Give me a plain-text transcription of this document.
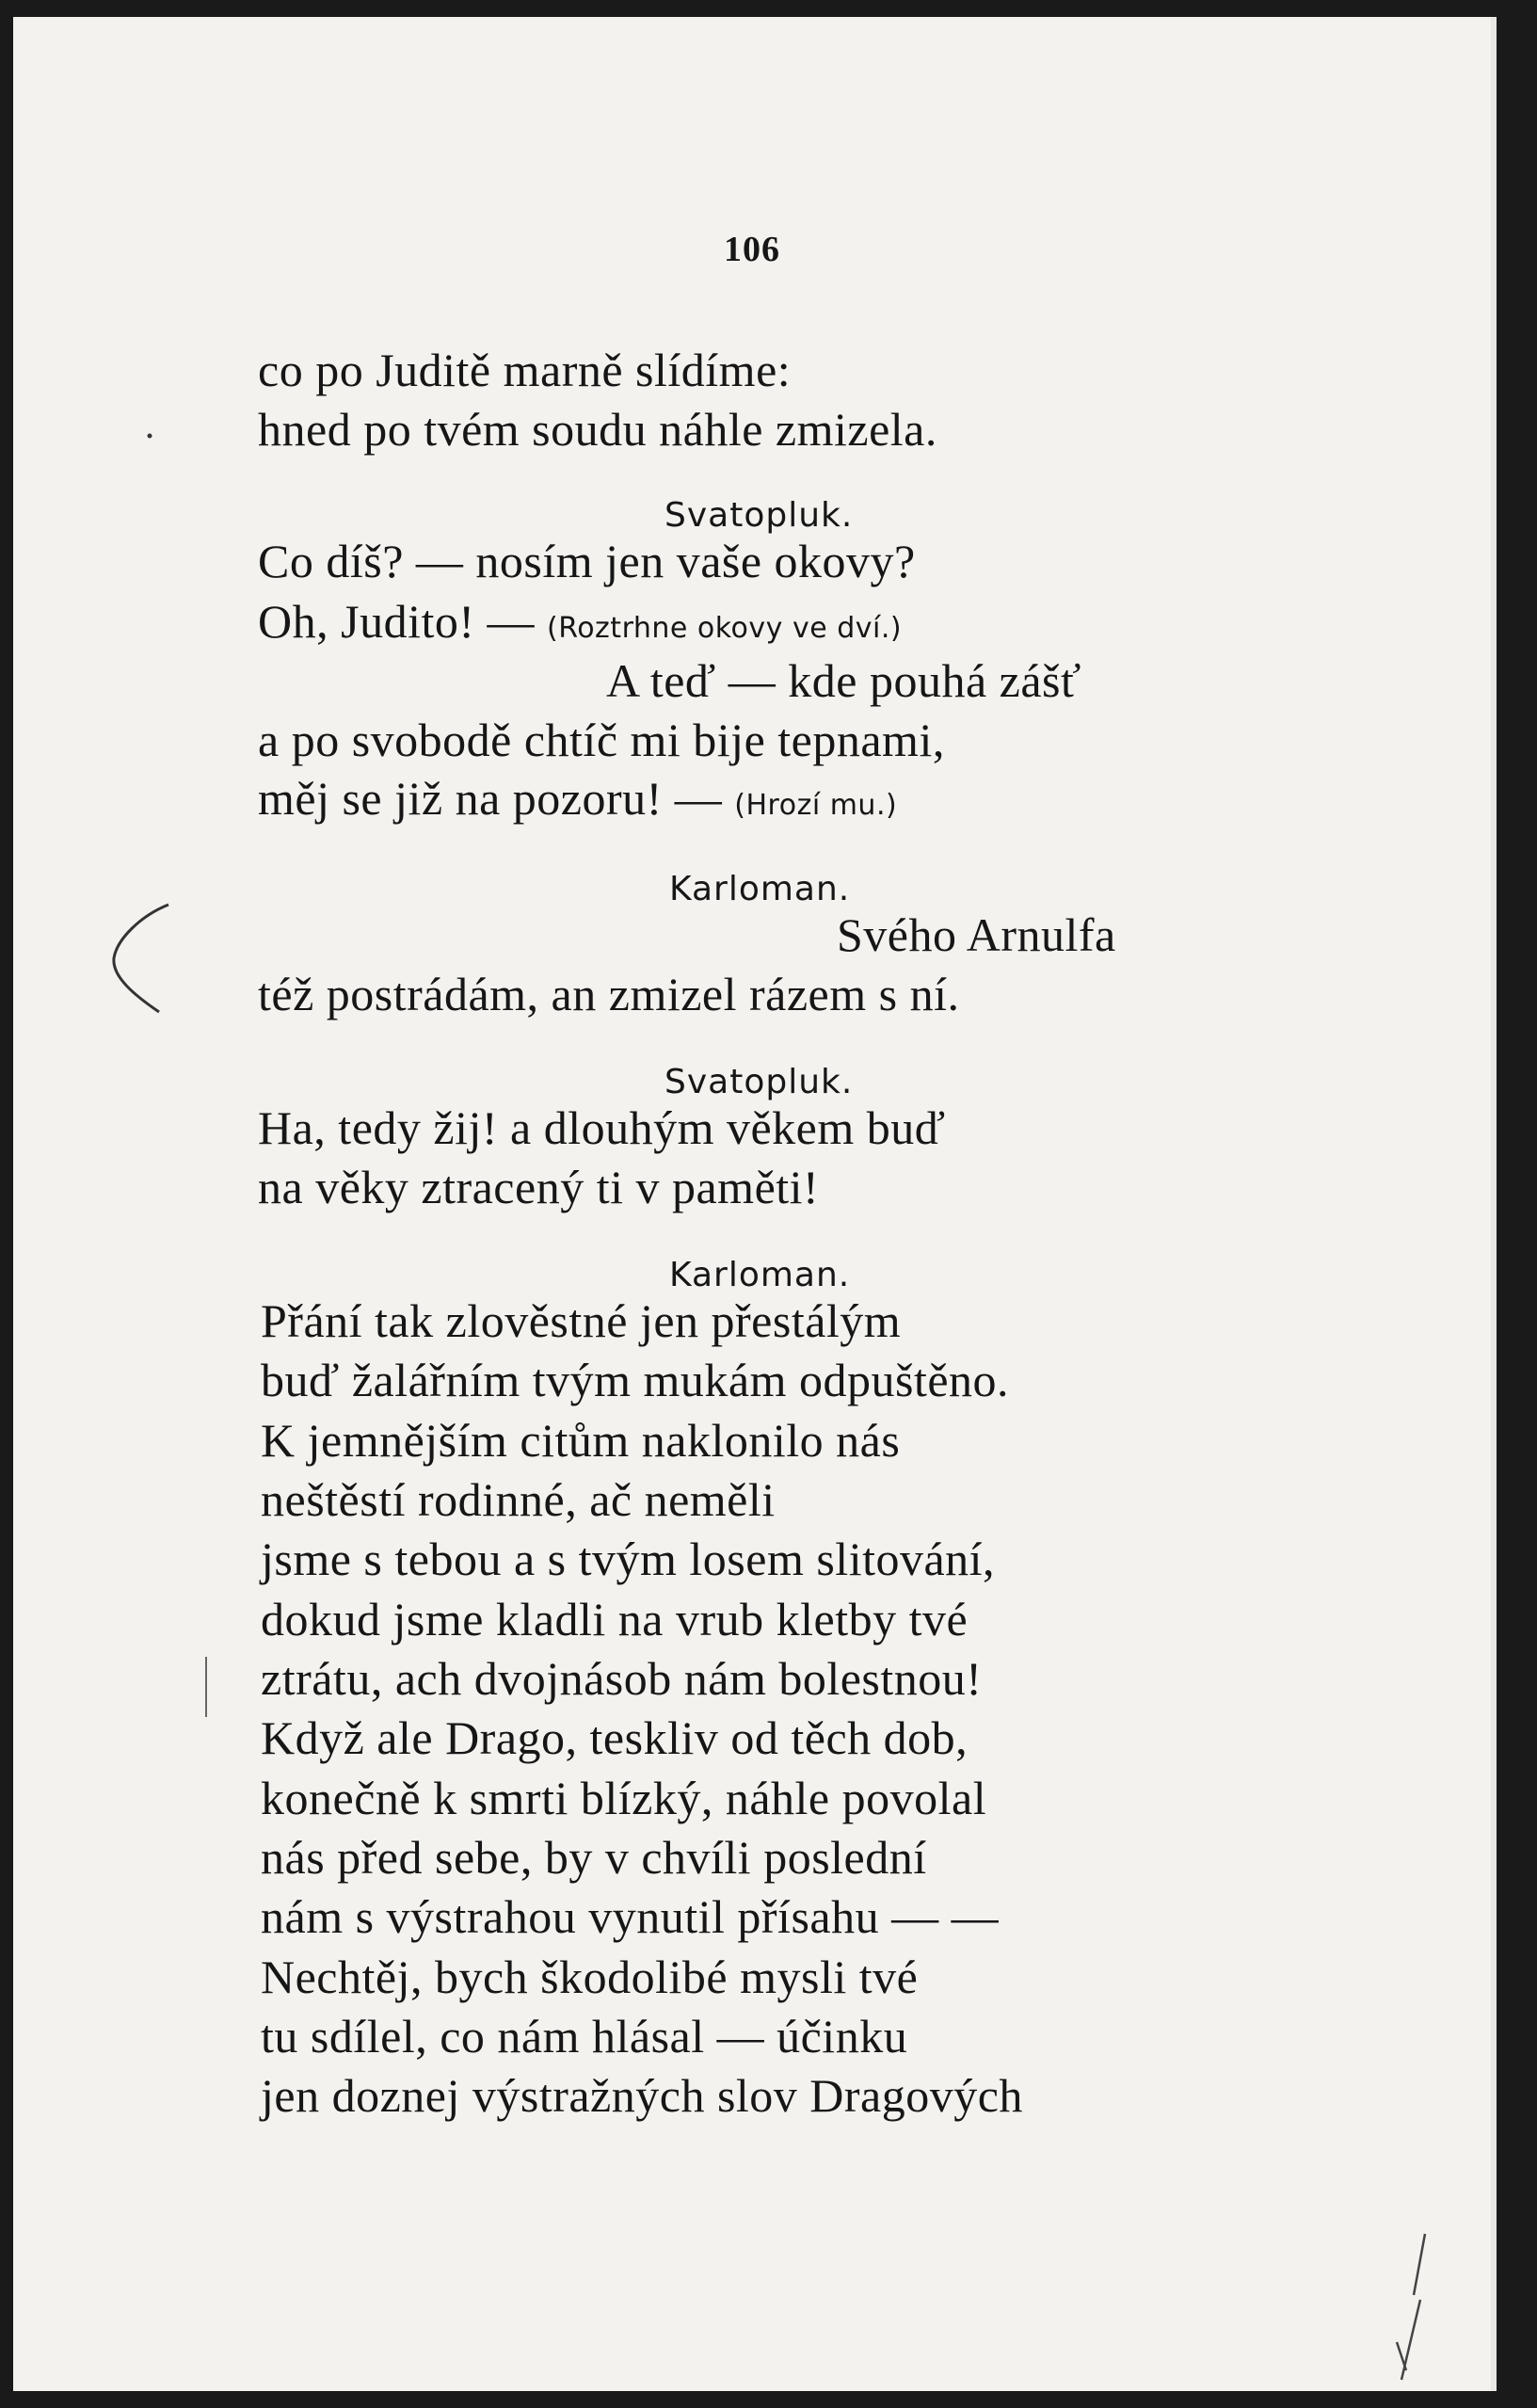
106
co po Juditě marně slídíme:
hned po tvém soudu náhle zmizela.
Svatopluk.
Co díš? — nosím jen vaše okovy?
Oh, Judito! — (Roztrhne okovy ve dví.)
A teď — kde pouhá zášť
a po svobodě chtíč mi bije tepnami,
měj se již na pozoru! — (Hrozí mu.)
Karloman.
Svého Arnulfa
též postrádám, an zmizel rázem s ní.
Svatopluk.
Ha, tedy žij! a dlouhým věkem buď
na věky ztracený ti v paměti!
Karloman.
Přání tak zlověstné jen přestálým
buď žalářním tvým mukám odpuštěno.
K jemnějším citům naklonilo nás
neštěstí rodinné, ač neměli
jsme s tebou a s tvým losem slitování,
dokud jsme kladli na vrub kletby tvé
ztrátu, ach dvojnásob nám bolestnou!
Když ale Drago, teskliv od těch dob,
konečně k smrti blízký, náhle povolal
nás před sebe, by v chvíli poslední
nám s výstrahou vynutil přísahu — —
Nechtěj, bych škodolibé mysli tvé
tu sdílel, co nám hlásal — účinku
jen doznej výstražných slov Dragových
